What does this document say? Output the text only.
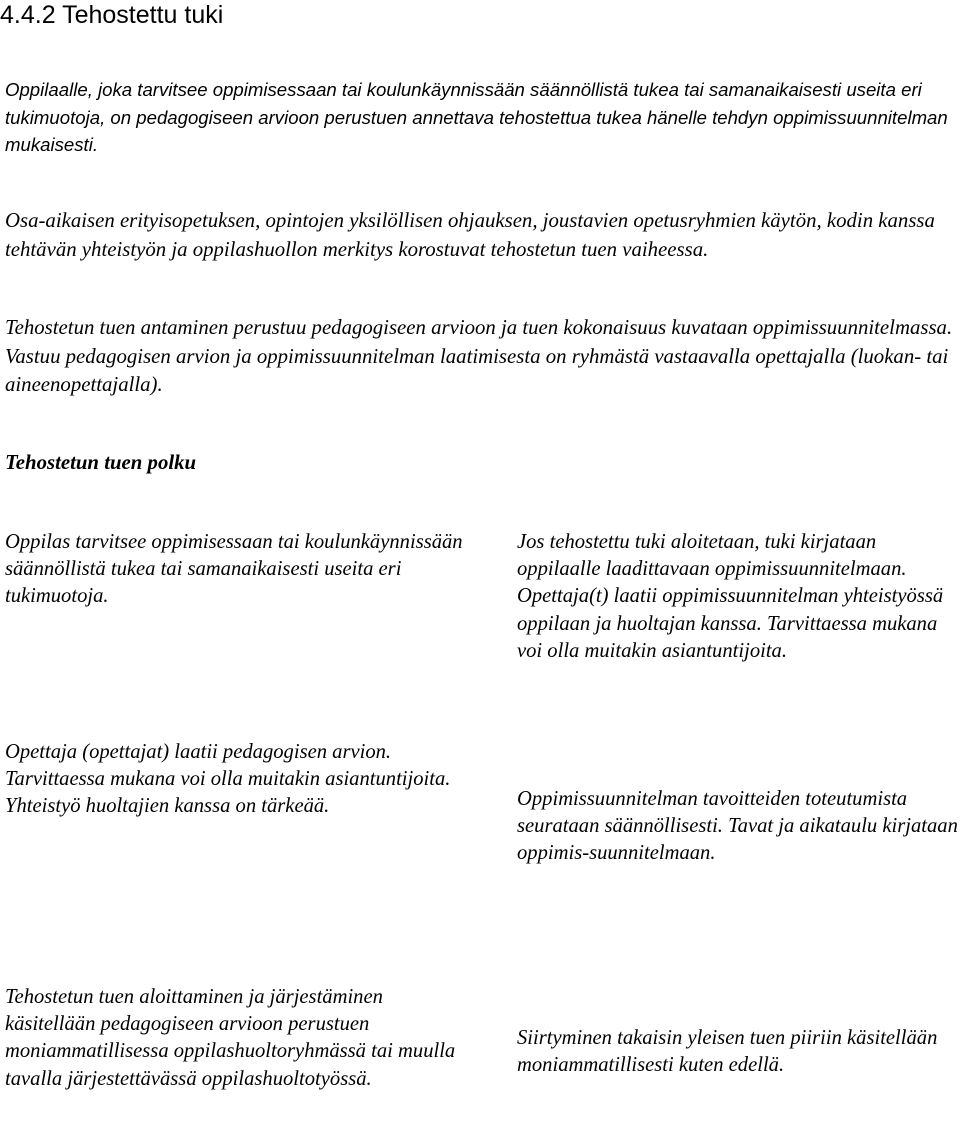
4.4.2 Tehostettu tuki

Oppilaalle, joka tarvitsee oppimisessaan tai koulunkäynnissään säännöllistä tukea tai samanaikaisesti useita eri tukimuotoja, on pedagogiseen arvioon perustuen annettava tehostettua tukea hänelle tehdyn oppimissuunnitelman mukaisesti.

Osa-aikaisen erityisopetuksen, opintojen yksilöllisen ohjauksen, joustavien opetusryhmien käytön, kodin kanssa tehtävän yhteistyön ja oppilashuollon merkitys korostuvat tehostetun tuen vaiheessa.

Tehostetun tuen antaminen perustuu pedagogiseen arvioon ja tuen kokonaisuus kuvataan oppimissuunnitelmassa. Vastuu pedagogisen arvion ja oppimissuunnitelman laatimisesta on ryhmästä vastaavalla opettajalla (luokan- tai aineenopettajalla).

Tehostetun tuen polku

Oppilas tarvitsee oppimisessaan tai koulunkäynnissään säännöllistä tukea tai samanaikaisesti useita eri tukimuotoja.

Jos tehostettu tuki aloitetaan, tuki kirjataan oppilaalle laadittavaan oppimissuunnitelmaan. Opettaja(t) laatii oppimissuunnitelman yhteistyössä oppilaan ja huoltajan kanssa. Tarvittaessa mukana voi olla muitakin asiantuntijoita.

Opettaja (opettajat) laatii pedagogisen arvion. Tarvittaessa mukana voi olla muitakin asiantuntijoita. Yhteistyö huoltajien kanssa on tärkeää.	Oppimissuunnitelman tavoitteiden toteutumista seurataan säännöllisesti. Tavat ja aikataulu kirjataan oppimis-suunnitelmaan.

Tehostetun tuen aloittaminen ja järjestäminen käsitellään pedagogiseen arvioon perustuen moniammatillisessa oppilashuoltoryhmässä tai muulla tavalla järjestettävässä oppilashuoltotyössä.

Siirtyminen takaisin yleisen tuen piiriin käsitellään moniammatillisesti kuten edellä.
